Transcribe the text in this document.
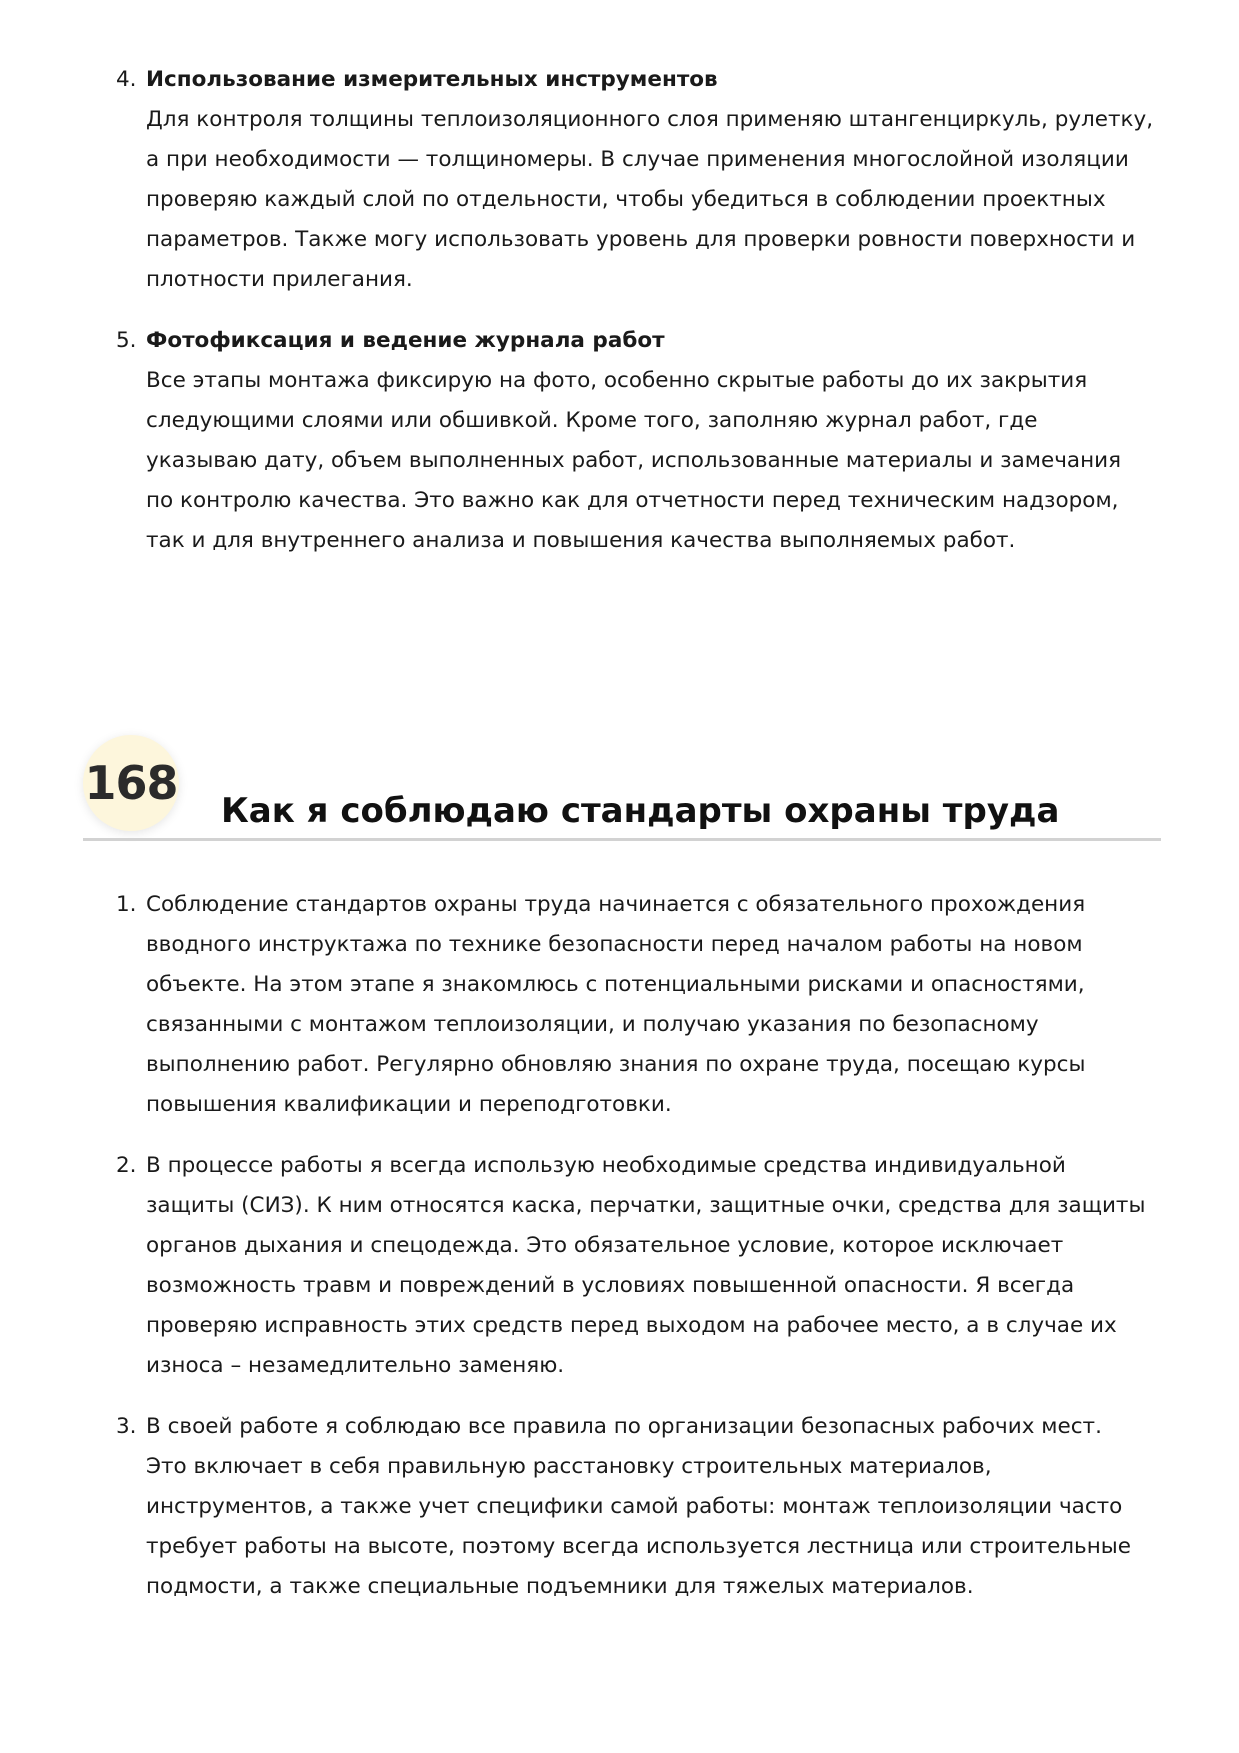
4. Использование измерительных инструментов

Для контроля толщины теплоизоляционного слоя применяю штангенциркуль, рулетку,

а при необходимости — толщиномеры. В случае применения многослойной изоляции

проверяю каждый слой по отдельности, чтобы убедиться в соблюдении проектных

параметров. Также могу использовать уровень для проверки ровности поверхности и

плотности прилегания.

5. Фотофиксация и ведение журнала работ

Все этапы монтажа фиксирую на фото, особенно скрытые работы до их закрытия

следующими слоями или обшивкой. Кроме того, заполняю журнал работ, где

указываю дату, объем выполненных работ, использованные материалы и замечания

по контролю качества. Это важно как для отчетности перед техническим надзором,

так и для внутреннего анализа и повышения качества выполняемых работ.

168
Как я соблюдаю стандарты охраны труда
1. Соблюдение стандартов охраны труда начинается с обязательного прохождения

вводного инструктажа по технике безопасности перед началом работы на новом

объекте. На этом этапе я знакомлюсь с потенциальными рисками и опасностями,

связанными с монтажом теплоизоляции, и получаю указания по безопасному

выполнению работ. Регулярно обновляю знания по охране труда, посещаю курсы

повышения квалификации и переподготовки.

2. В процессе работы я всегда использую необходимые средства индивидуальной

защиты (СИЗ). К ним относятся каска, перчатки, защитные очки, средства для защиты

органов дыхания и спецодежда. Это обязательное условие, которое исключает

возможность травм и повреждений в условиях повышенной опасности. Я всегда

проверяю исправность этих средств перед выходом на рабочее место, а в случае их

износа – незамедлительно заменяю.

3. В своей работе я соблюдаю все правила по организации безопасных рабочих мест.

Это включает в себя правильную расстановку строительных материалов,

инструментов, а также учет специфики самой работы: монтаж теплоизоляции часто

требует работы на высоте, поэтому всегда используется лестница или строительные

подмости, а также специальные подъемники для тяжелых материалов.
